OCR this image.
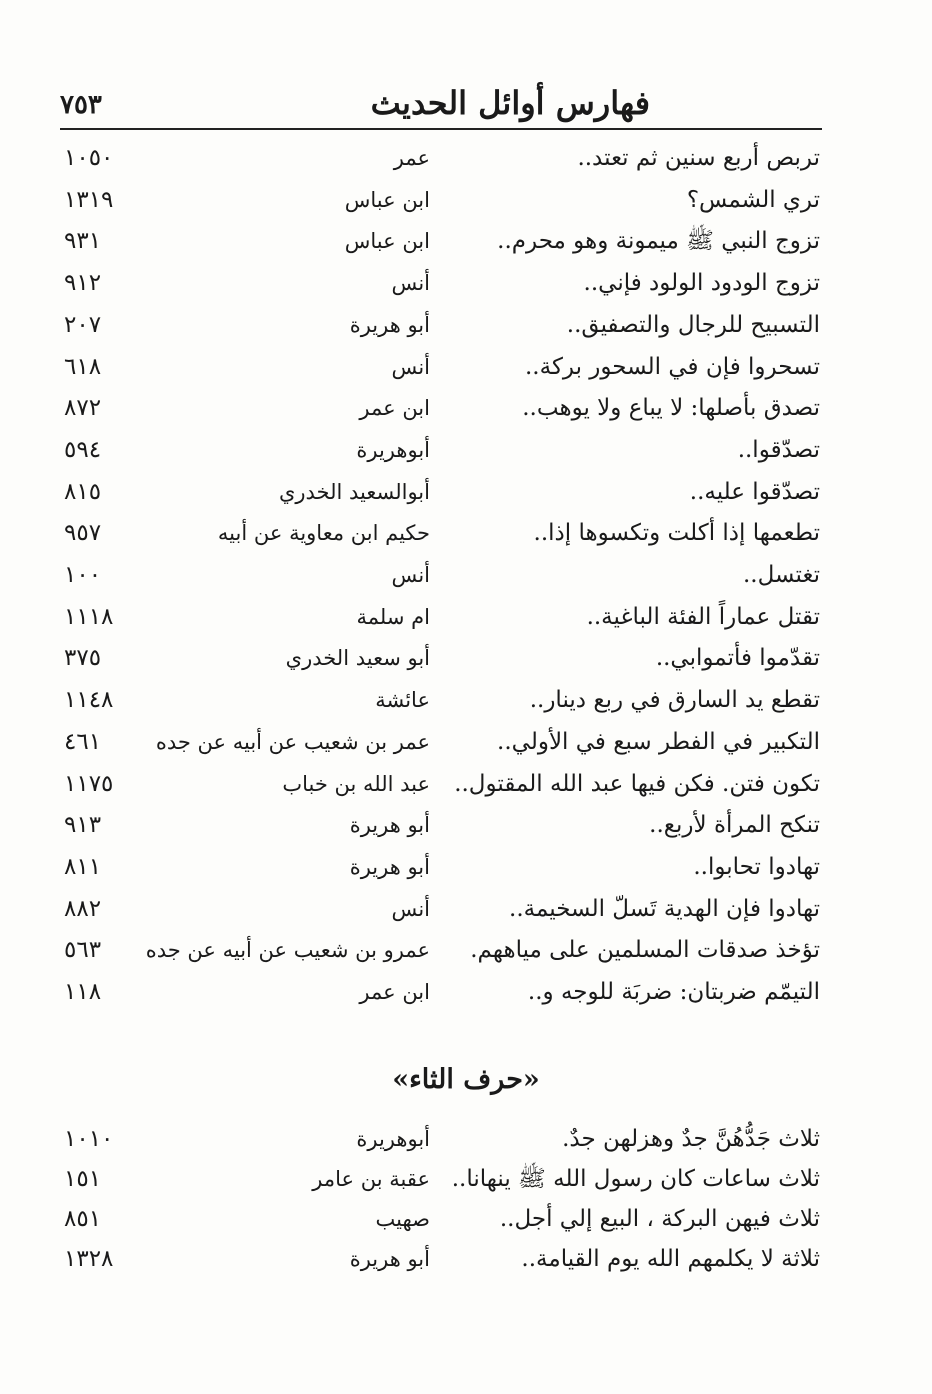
فهارس أوائل الحديث
٧٥٣
تربص أربع سنين ثم تعتد..
عمر
١٠٥٠
تري الشمس؟
ابن عباس
١٣١٩
تزوج النبي ﷺ ميمونة وهو محرم..
ابن عباس
٩٣١
تزوج الودود الولود فإني..
أنس
٩١٢
التسبيح للرجال والتصفيق..
أبو هريرة
٢٠٧
تسحروا فإن في السحور بركة..
أنس
٦١٨
تصدق بأصلها: لا يباع ولا يوهب..
ابن عمر
٨٧٢
تصدّقوا..
أبوهريرة
٥٩٤
تصدّقوا عليه..
أبوالسعيد الخدري
٨١٥
تطعمها إذا أكلت وتكسوها إذا..
حكيم ابن معاوية عن أبيه
٩٥٧
تغتسل..
أنس
١٠٠
تقتل عماراً الفئة الباغية..
ام سلمة
١١١٨
تقدّموا فأتموابي..
أبو سعيد الخدري
٣٧٥
تقطع يد السارق في ربع دينار..
عائشة
١١٤٨
التكبير في الفطر سبع في الأولي..
عمر بن شعيب عن أبيه عن جده
٤٦١
تكون فتن. فكن فيها عبد الله المقتول..
عبد الله بن خباب
١١٧٥
تنكح المرأة لأربع..
أبو هريرة
٩١٣
تهادوا تحابوا..
أبو هريرة
٨١١
تهادوا فإن الهدية تَسلّ السخيمة..
أنس
٨٨٢
تؤخذ صدقات المسلمين على مياههم.
عمرو بن شعيب عن أبيه عن جده
٥٦٣
التيمّم ضربتان: ضربَة للوجه و..
ابن عمر
١١٨
«حرف الثاء»
ثلاث جَدُّهُنَّ جدٌ وهزلهن جدٌ.
أبوهريرة
١٠١٠
ثلاث ساعات كان رسول الله ﷺ ينهانا..
عقبة بن عامر
١٥١
ثلاث فيهن البركة ، البيع إلي أجل..
صهيب
٨٥١
ثلاثة لا يكلمهم الله يوم القيامة..
أبو هريرة
١٣٢٨
